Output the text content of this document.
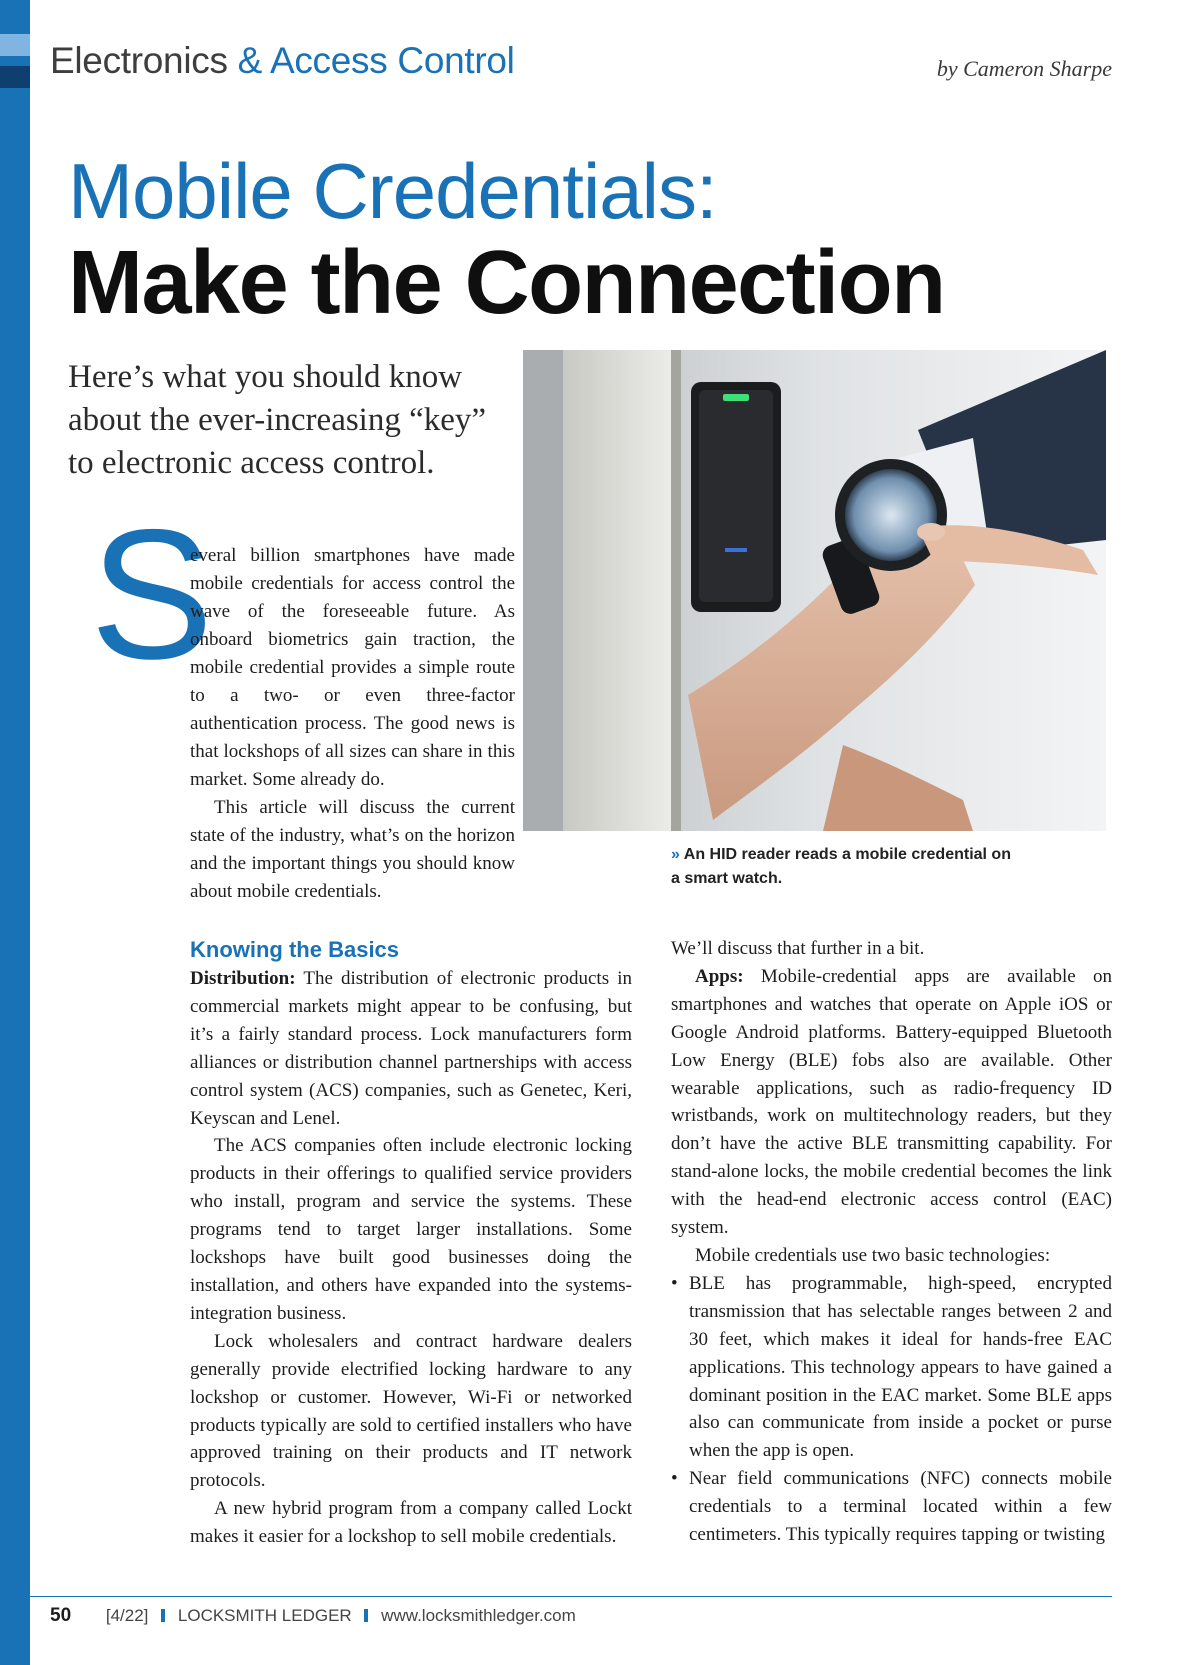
Electronics & Access Control	by Cameron Sharpe
Mobile Credentials:
Make the Connection
Here’s what you should know
about the ever-increasing “key”
to electronic access control.
S

everal billion smartphones have made mobile credentials for access control the wave of the foreseeable future. As onboard biometrics gain traction, the mobile credential provides a simple route to a two- or even three-factor authentication process. The good news is that lockshops of all sizes can share in this market. Some already do.

This article will discuss the current state of the industry, what’s on the horizon and the important things you should know about mobile credentials.

» An HID reader reads a mobile credential on a smart watch.
Knowing the Basics

Distribution: The distribution of electronic products in commercial markets might appear to be confusing, but it’s a fairly standard process. Lock manufacturers form alliances or distribution channel partnerships with access control system (ACS) companies, such as Genetec, Keri, Keyscan and Lenel.

The ACS companies often include electronic locking products in their offerings to qualified service providers who install, program and service the systems. These programs tend to target larger installations. Some lockshops have built good businesses doing the installation, and others have expanded into the systems-integration business.

Lock wholesalers and contract hardware dealers generally provide electrified locking hardware to any lockshop or customer. However, Wi-Fi or networked products typically are sold to certified installers who have approved training on their products and IT network protocols.

A new hybrid program from a company called Lockt makes it easier for a lockshop to sell mobile credentials.

We’ll discuss that further in a bit.

Apps: Mobile-credential apps are available on smartphones and watches that operate on Apple iOS or Google Android platforms. Battery-equipped Bluetooth Low Energy (BLE) fobs also are available. Other wearable applications, such as radio-frequency ID wristbands, work on multitechnology readers, but they don’t have the active BLE transmitting capability. For stand-alone locks, the mobile credential becomes the link with the head-end electronic access control (EAC) system.

Mobile credentials use two basic technologies:

• BLE has programmable, high-speed, encrypted transmission that has selectable ranges between 2 and 30 feet, which makes it ideal for hands-free EAC applications. This technology appears to have gained a dominant position in the EAC market. Some BLE apps also can communicate from inside a pocket or purse when the app is open.
• Near field communications (NFC) connects mobile credentials to a terminal located within a few centimeters. This typically requires tapping or twisting
50 [4/22] LOCKSMITH LEDGER www.locksmithledger.com
